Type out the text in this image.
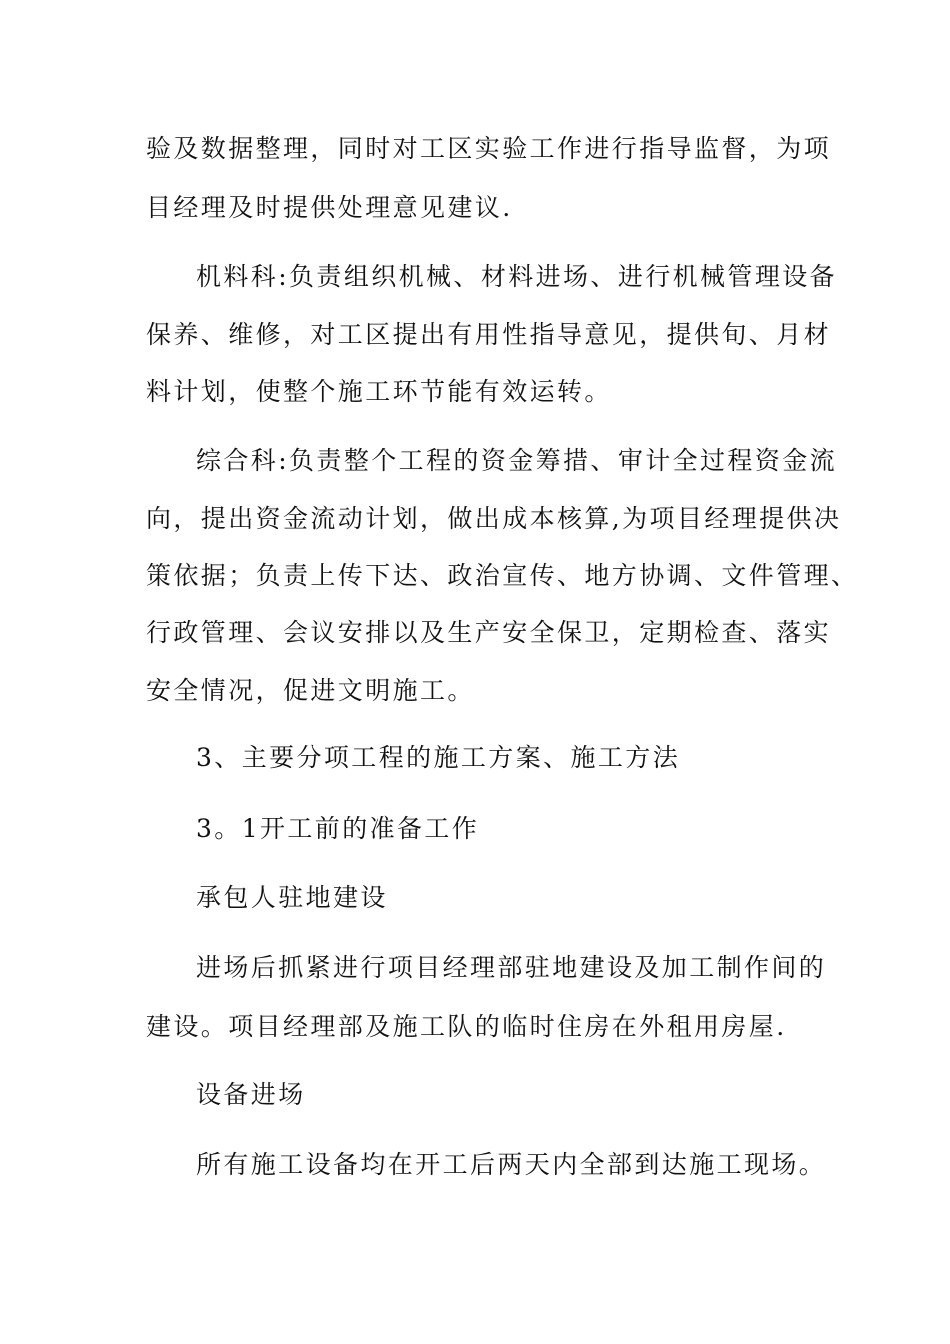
验及数据整理，同时对工区实验工作进行指导监督，为项
目经理及时提供处理意见建议.
机料科:负责组织机械、材料进场、进行机械管理设备
保养、维修，对工区提出有用性指导意见，提供旬、月材
料计划，使整个施工环节能有效运转。
综合科:负责整个工程的资金筹措、审计全过程资金流
向，提出资金流动计划，做出成本核算,为项目经理提供决
策依据；负责上传下达、政治宣传、地方协调、文件管理、
行政管理、会议安排以及生产安全保卫，定期检查、落实
安全情况，促进文明施工。
3、主要分项工程的施工方案、施工方法
3。1开工前的准备工作
承包人驻地建设
进场后抓紧进行项目经理部驻地建设及加工制作间的
建设。项目经理部及施工队的临时住房在外租用房屋.
设备进场
所有施工设备均在开工后两天内全部到达施工现场。
